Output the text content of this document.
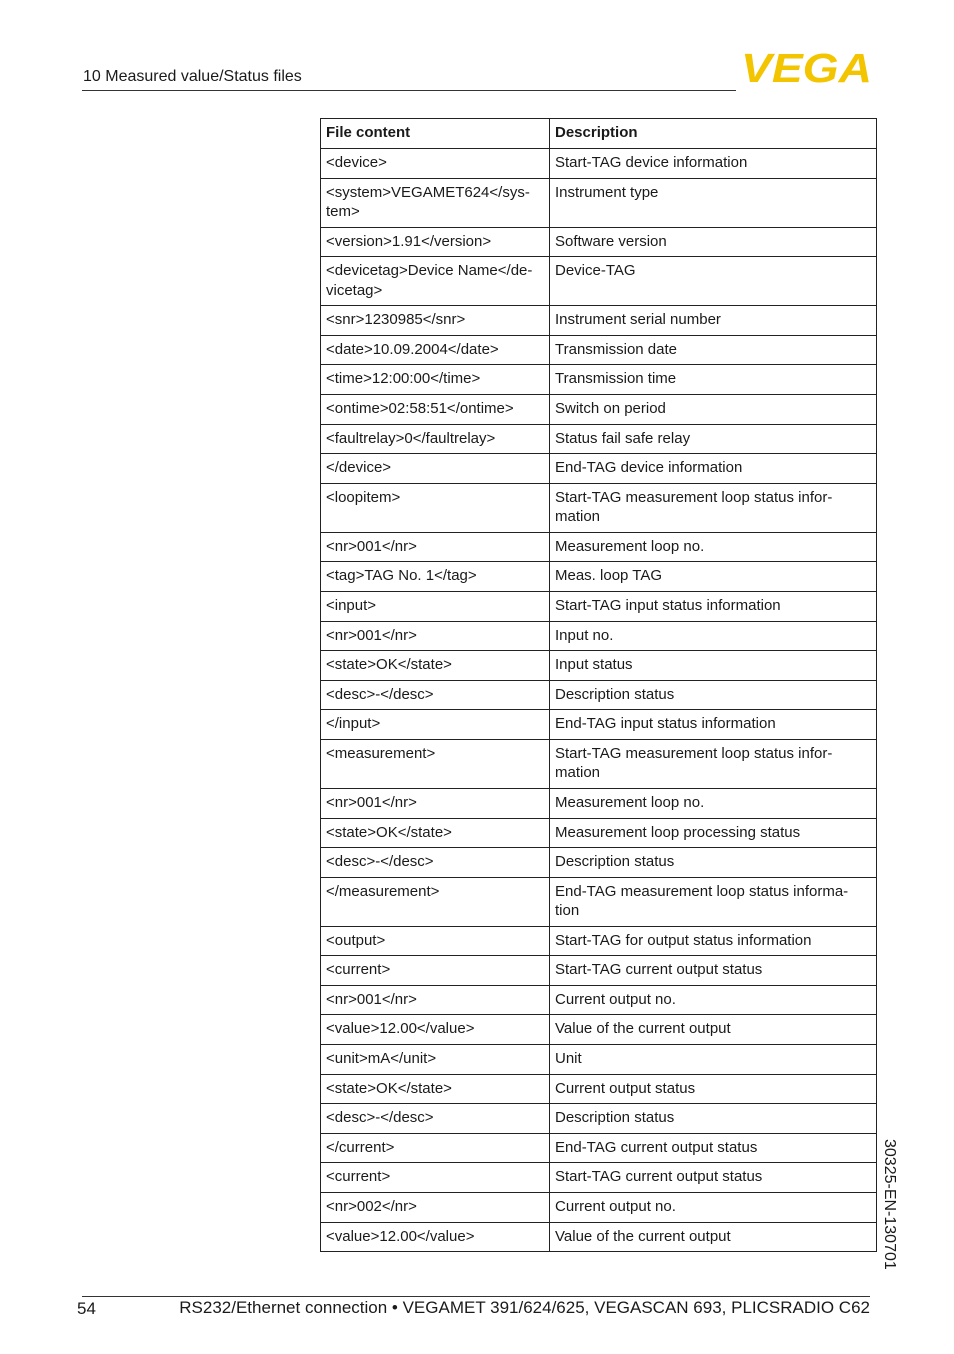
10 Measured value/Status files	VEGA
File content	Description
<device>	Start-TAG device information
<system>VEGAMET624</sys-
tem>	Instrument type
<version>1.91</version>	Software version
<devicetag>Device Name</de-
vicetag>	Device-TAG
<snr>1230985</snr>	Instrument serial number
<date>10.09.2004</date>	Transmission date
<time>12:00:00</time>	Transmission time
<ontime>02:58:51</ontime>	Switch on period
<faultrelay>0</faultrelay>	Status fail safe relay
</device>	End-TAG device information
<loopitem>	Start-TAG measurement loop status infor-
mation
<nr>001</nr>	Measurement loop no.
<tag>TAG No. 1</tag>	Meas. loop TAG
<input>	Start-TAG input status information
<nr>001</nr>	Input no.
<state>OK</state>	Input status
<desc>-</desc>	Description status
</input>	End-TAG input status information
<measurement>	Start-TAG measurement loop status infor-
mation
<nr>001</nr>	Measurement loop no.
<state>OK</state>	Measurement loop processing status
<desc>-</desc>	Description status
</measurement>	End-TAG measurement loop status informa-
tion
<output>	Start-TAG for output status information
<current>	Start-TAG current output status
<nr>001</nr>	Current output no.
<value>12.00</value>	Value of the current output
<unit>mA</unit>	Unit
<state>OK</state>	Current output status
<desc>-</desc>	Description status
</current>	End-TAG current output status
<current>	Start-TAG current output status
<nr>002</nr>	Current output no.
<value>12.00</value>	Value of the current output	30325-EN-130701
54	RS232/Ethernet connection • VEGAMET 391/624/625, VEGASCAN 693, PLICSRADIO C62
